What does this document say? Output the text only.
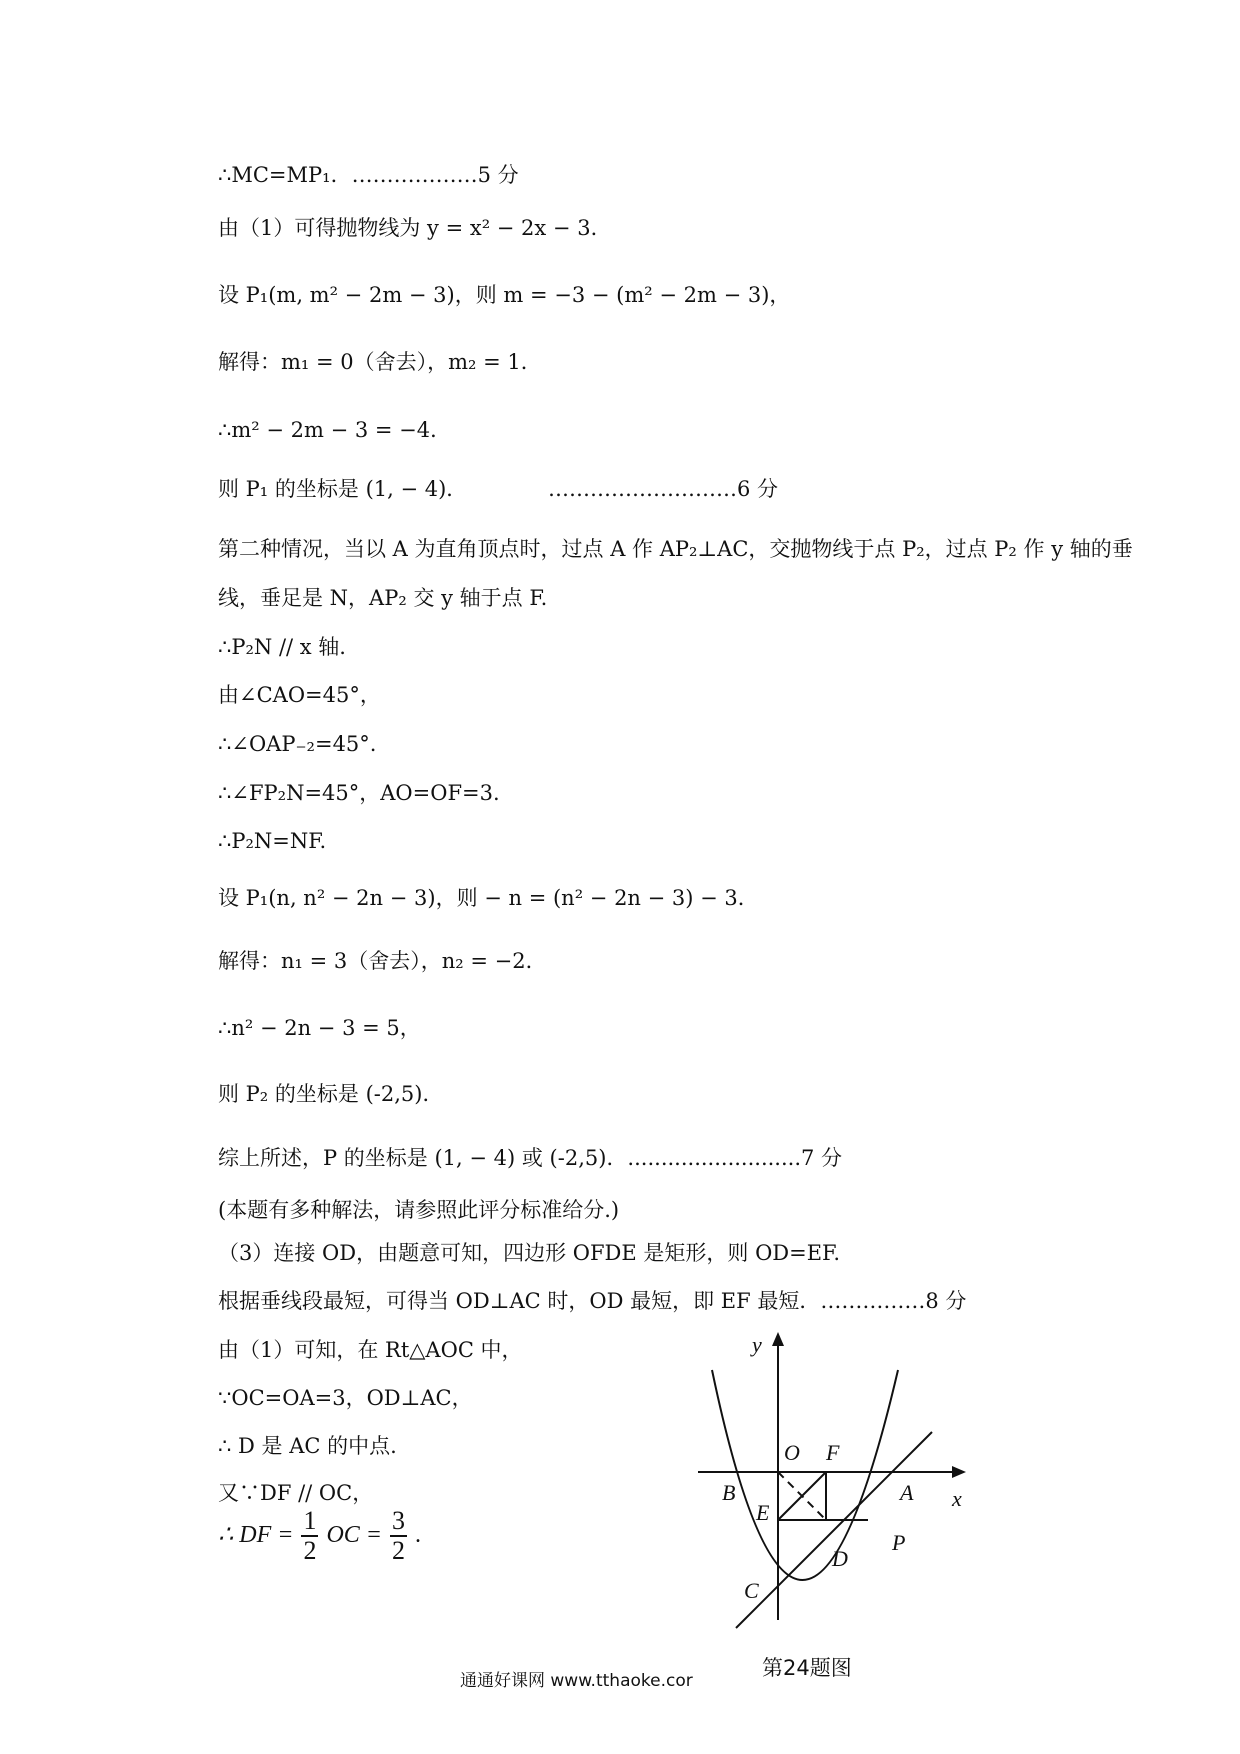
∴MC=MP₁．………………5 分
由（1）可得抛物线为 y = x² − 2x − 3．
设 P₁(m, m² − 2m − 3)，则 m = −3 − (m² − 2m − 3)，
解得：m₁ = 0（舍去），m₂ = 1．
∴m² − 2m − 3 = −4．
则 P₁ 的坐标是 (1, − 4)．	………………………6 分
第二种情况，当以 A 为直角顶点时，过点 A 作 AP₂⊥AC，交抛物线于点 P₂，过点 P₂ 作 y 轴的垂
线，垂足是 N，AP₂ 交 y 轴于点 F.
∴P₂N // x 轴.
由∠CAO=45°，
∴∠OAP₋₂=45°.
∴∠FP₂N=45°，AO=OF=3.
∴P₂N=NF.
设 P₁(n, n² − 2n − 3)，则 − n = (n² − 2n − 3) − 3．
解得：n₁ = 3（舍去），n₂ = −2．
∴n² − 2n − 3 = 5，
则 P₂ 的坐标是 (-2,5)．
综上所述，P 的坐标是 (1, − 4) 或 (-2,5)．..........................7 分
(本题有多种解法，请参照此评分标准给分.)
（3）连接 OD，由题意可知，四边形 OFDE 是矩形，则 OD=EF.
根据垂线段最短，可得当 OD⊥AC 时，OD 最短，即 EF 最短．……………8 分
由（1）可知，在 Rt△AOC 中，
∵OC=OA=3，OD⊥AC，
∴ D 是 AC 的中点.
又∵DF // OC，
∴ DF = $\frac{1}{2}$ OC = $\frac{3}{2}$ .
y
x
O F
B	A
E
P
D
C
第24题图
通通好课网 www.tthaoke.cor
